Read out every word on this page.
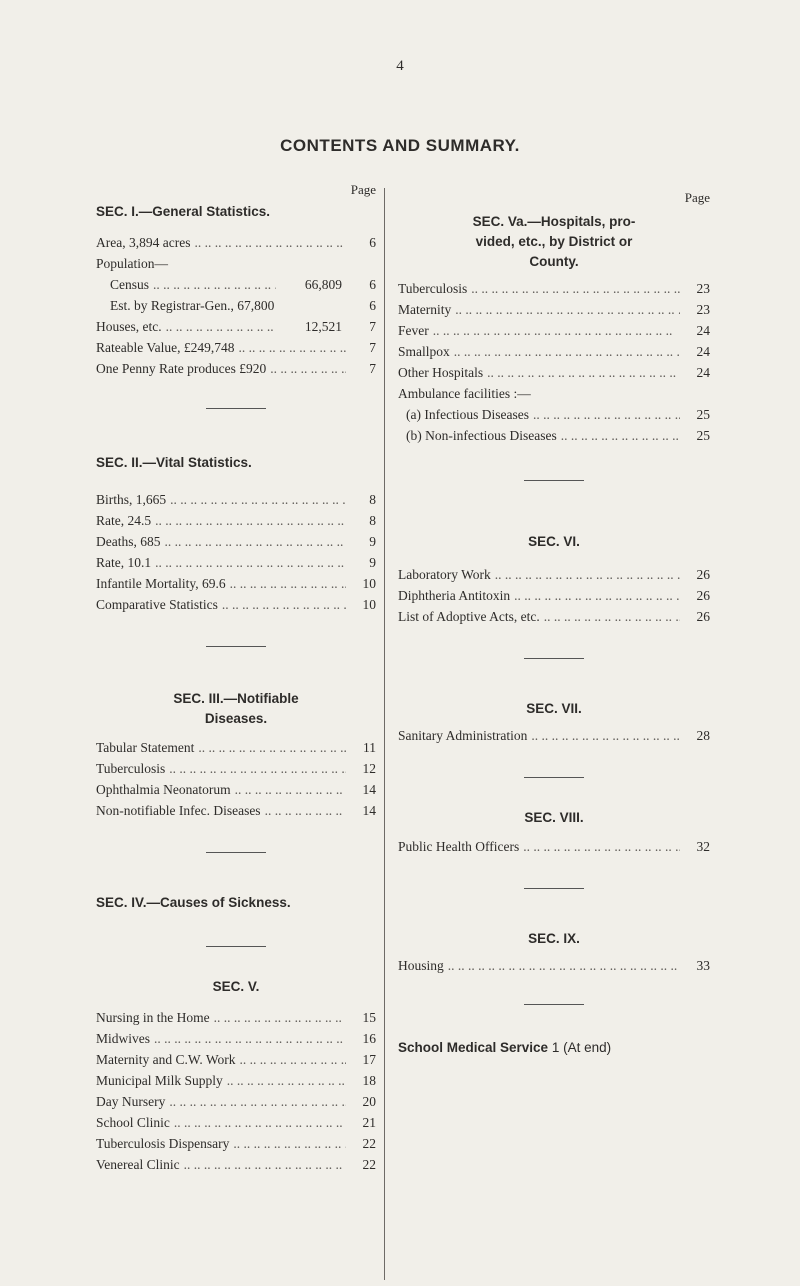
4
CONTENTS AND SUMMARY.
Page
SEC. I.—General Statistics.
Area, 3,894 acres .. ..	6
Population—
Census .. ..	66,809	6
Est. by Registrar-Gen., 67,800	6
Houses, etc. .. ..	12,521	7
Rateable Value, £249,748 .. ..	7
One Penny Rate produces £920 .. ..	7
SEC. II.—Vital Statistics.
Births, 1,665 .. ..	8
Rate, 24.5 .. ..	8
Deaths, 685 .. ..	9
Rate, 10.1 .. ..	9
Infantile Mortality, 69.6 .. ..	10
Comparative Statistics .. ..	10
SEC. III.—Notifiable
Diseases.
Tabular Statement .. ..	11
Tuberculosis .. ..	12
Ophthalmia Neonatorum .. ..	14
Non-notifiable Infec. Diseases .. ..	14
SEC. IV.—Causes of Sickness.
SEC. V.
Nursing in the Home .. ..	15
Midwives .. ..	16
Maternity and C.W. Work .. ..	17
Municipal Milk Supply .. ..	18
Day Nursery .. ..	20
School Clinic .. ..	21
Tuberculosis Dispensary .. ..	22
Venereal Clinic .. ..	22
Page
SEC. Va.—Hospitals, pro-
vided, etc., by District or
County.
Tuberculosis .. ..	23
Maternity .. ..	23
Fever .. ..	24
Smallpox .. ..	24
Other Hospitals .. ..	24
Ambulance facilities :—
(a) Infectious Diseases .. ..	25
(b) Non-infectious Diseases .. ..	25
SEC. VI.
Laboratory Work .. ..	26
Diphtheria Antitoxin .. ..	26
List of Adoptive Acts, etc. .. ..	26
SEC. VII.
Sanitary Administration .. ..	28
SEC. VIII.
Public Health Officers .. ..	32
SEC. IX.
Housing .. ..	33
School Medical Service 1 (At end)
